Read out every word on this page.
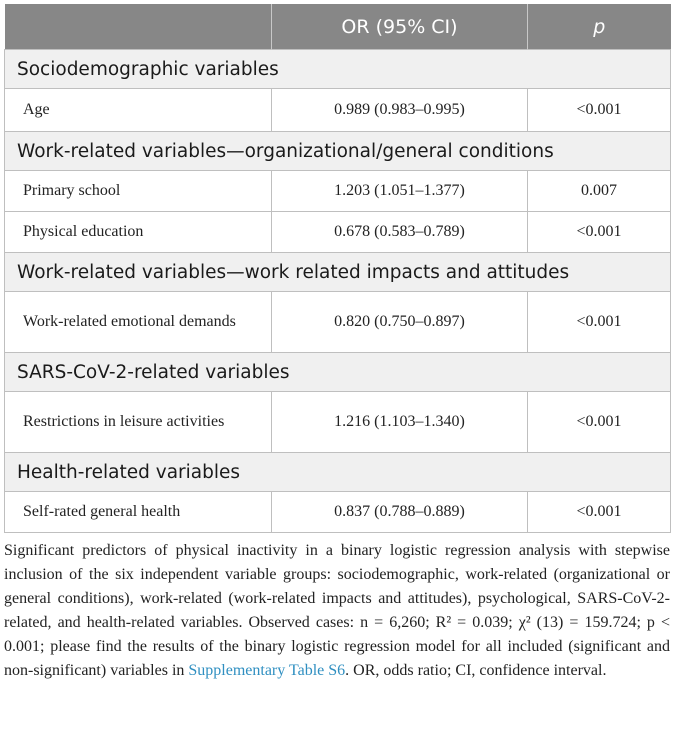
	OR (95% CI)	p
Sociodemographic variables		
Age	0.989 (0.983–0.995)	<0.001
Work-related variables—organizational/general conditions		
Primary school	1.203 (1.051–1.377)	0.007
Physical education	0.678 (0.583–0.789)	<0.001
Work-related variables—work related impacts and attitudes		
Work-related emotional demands	0.820 (0.750–0.897)	<0.001
SARS-CoV-2-related variables		
Restrictions in leisure activities	1.216 (1.103–1.340)	<0.001
Health-related variables		
Self-rated general health	0.837 (0.788–0.889)	<0.001

Significant predictors of physical inactivity in a binary logistic regression analysis with stepwise inclusion of the six independent variable groups: sociodemographic, work-related (organizational or general conditions), work-related (work-related impacts and attitudes), psychological, SARS-CoV-2-related, and health-related variables. Observed cases: n = 6,260; R² = 0.039; χ² (13) = 159.724; p < 0.001; please find the results of the binary logistic regression model for all included (significant and non-significant) variables in Supplementary Table S6. OR, odds ratio; CI, confidence interval.
